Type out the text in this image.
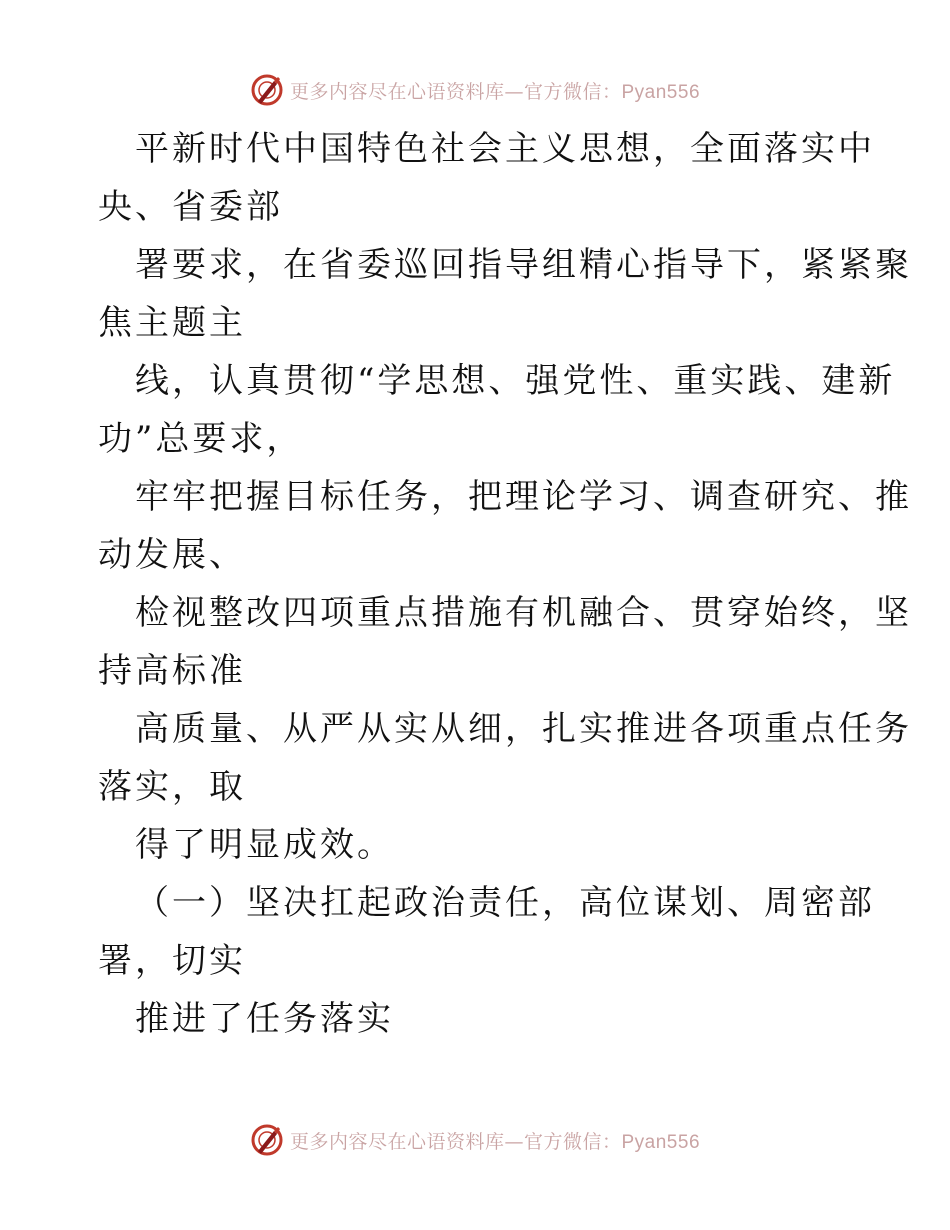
更多内容尽在心语资料库—官方微信：Pyan556
平新时代中国特色社会主义思想，全面落实中
央、省委部
署要求，在省委巡回指导组精心指导下，紧紧聚
焦主题主
线，认真贯彻“学思想、强党性、重实践、建新
功”总要求，
牢牢把握目标任务，把理论学习、调查研究、推
动发展、
检视整改四项重点措施有机融合、贯穿始终，坚
持高标准
高质量、从严从实从细，扎实推进各项重点任务
落实，取
得了明显成效。
（一）坚决扛起政治责任，高位谋划、周密部
署，切实
推进了任务落实
更多内容尽在心语资料库—官方微信：Pyan556
